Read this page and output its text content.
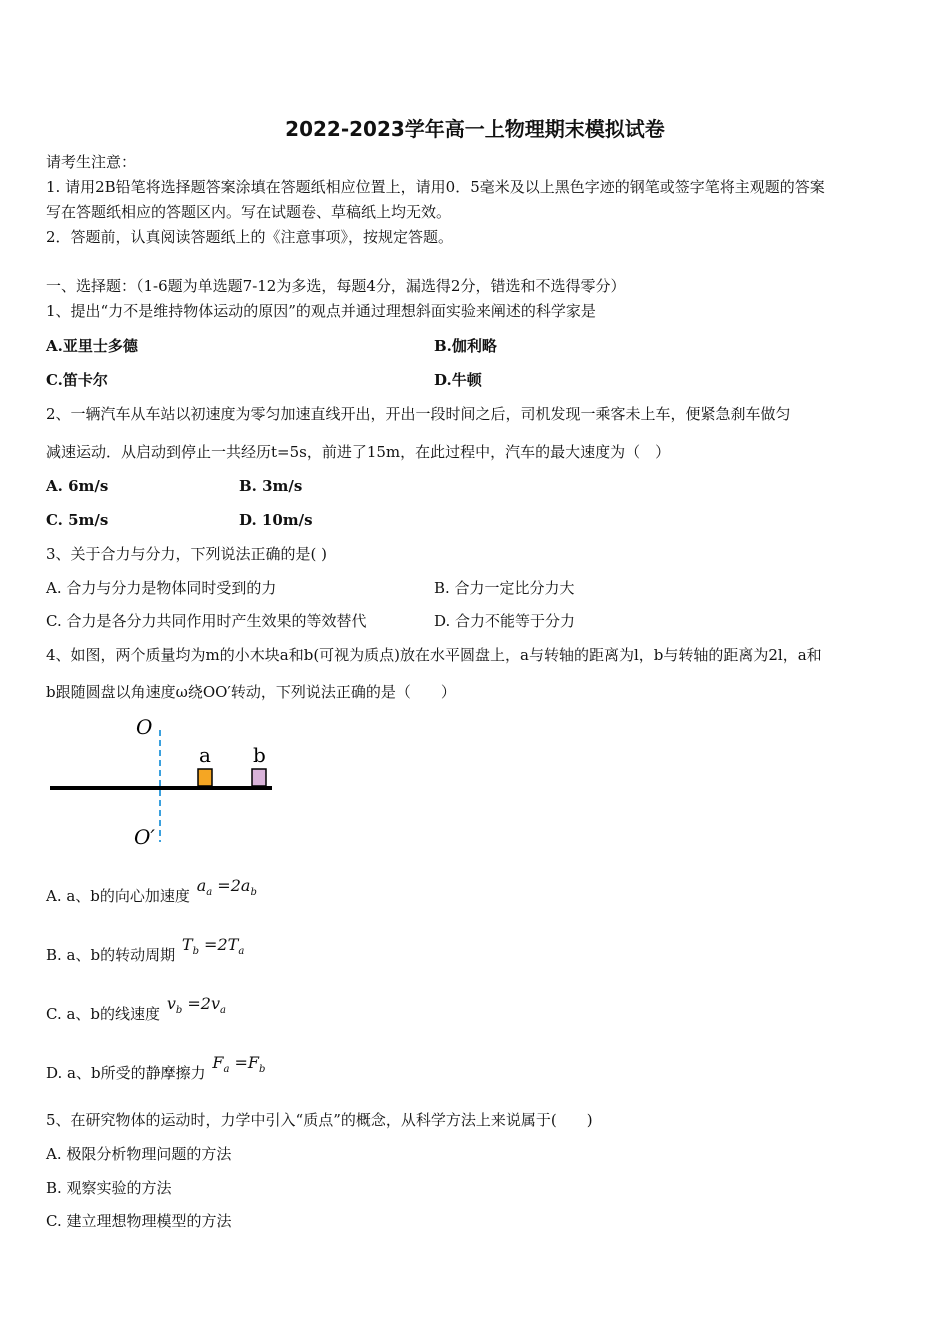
2022-2023学年高一上物理期末模拟试卷
请考生注意：
1. 请用2B铅笔将选择题答案涂填在答题纸相应位置上，请用0．5毫米及以上黑色字迹的钢笔或签字笔将主观题的答案
写在答题纸相应的答题区内。写在试题卷、草稿纸上均无效。
2．答题前，认真阅读答题纸上的《注意事项》，按规定答题。
一、选择题：（1-6题为单选题7-12为多选，每题4分，漏选得2分，错选和不选得零分）
1、提出“力不是维持物体运动的原因”的观点并通过理想斜面实验来阐述的科学家是
A.亚里士多德	B.伽利略
C.笛卡尔	D.牛顿
2、一辆汽车从车站以初速度为零匀加速直线开出，开出一段时间之后，司机发现一乘客未上车，便紧急刹车做匀
减速运动．从启动到停止一共经历t=5s，前进了15m，在此过程中，汽车的最大速度为（　）
A. 6m/s	B. 3m/s
C. 5m/s	D. 10m/s
3、关于合力与分力，下列说法正确的是( )
A. 合力与分力是物体同时受到的力	B. 合力一定比分力大
C. 合力是各分力共同作用时产生效果的等效替代	D. 合力不能等于分力
4、如图，两个质量均为m的小木块a和b(可视为质点)放在水平圆盘上，a与转轴的距离为l，b与转轴的距离为2l，a和
b跟随圆盘以角速度ω绕OO′转动，下列说法正确的是（　　）
O
O′
a b
A. a、b的向心加速度 $a_a =2a_b$
B. a、b的转动周期 $T_b =2T_a$
C. a、b的线速度 $v_b =2v_a$
D. a、b所受的静摩擦力 $F_a =F_b$
5、在研究物体的运动时，力学中引入“质点”的概念，从科学方法上来说属于(　　)
A. 极限分析物理问题的方法
B. 观察实验的方法
C. 建立理想物理模型的方法
